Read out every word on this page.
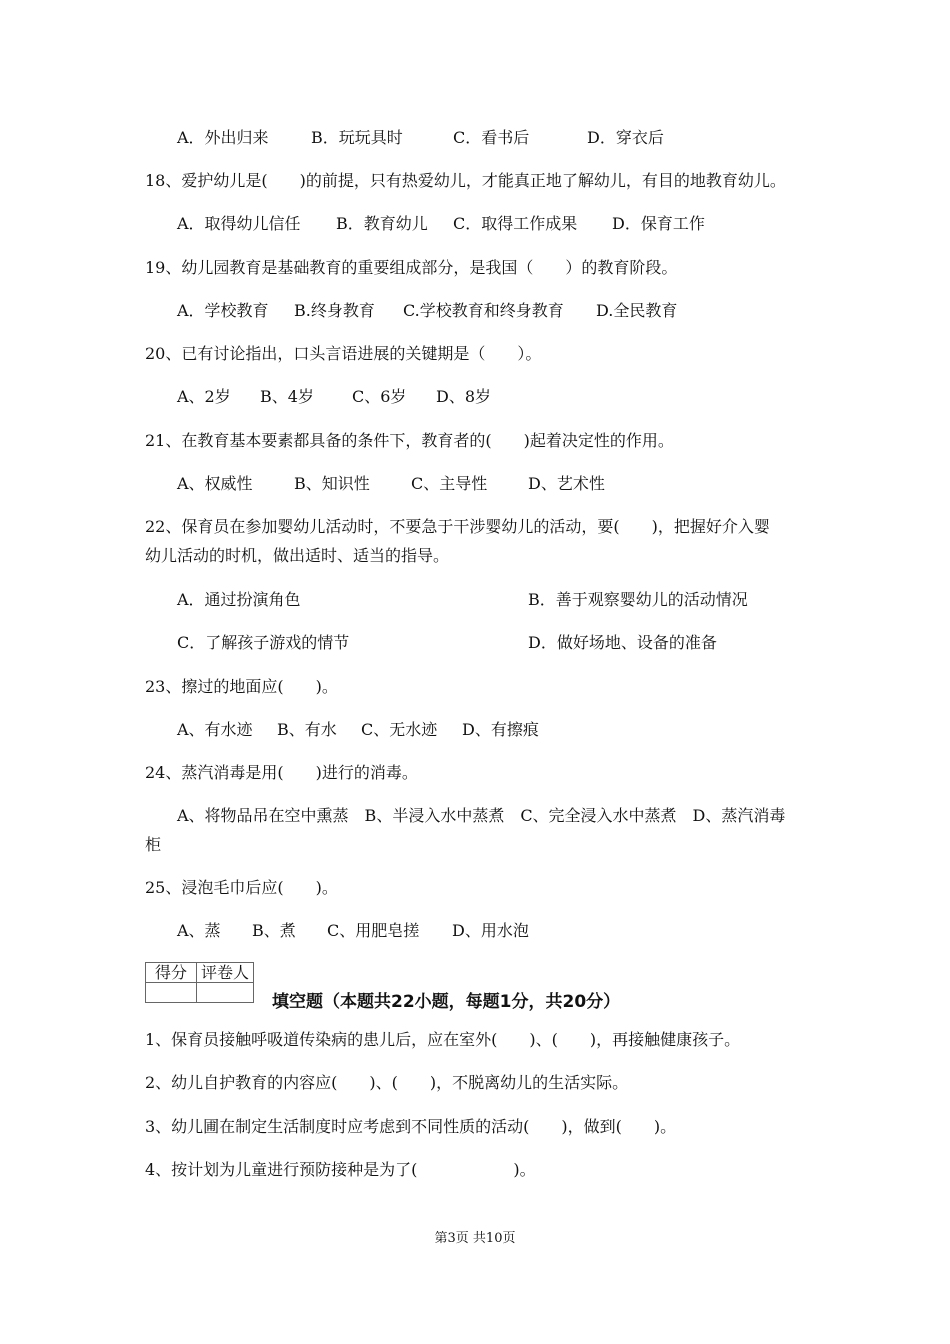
A．外出归来	B．玩玩具时	C．看书后	D．穿衣后
18、爱护幼儿是(　　)的前提，只有热爱幼儿，才能真正地了解幼儿，有目的地教育幼儿。
A．取得幼儿信任	B．教育幼儿	C．取得工作成果	D．保育工作
19、幼儿园教育是基础教育的重要组成部分，是我国（　　）的教育阶段。
A．学校教育	B.终身教育	C.学校教育和终身教育	D.全民教育
20、已有讨论指出，口头言语进展的关键期是（　　）。
A、2岁	B、4岁	C、6岁	D、8岁
21、在教育基本要素都具备的条件下，教育者的(　　)起着决定性的作用。
A、权威性	B、知识性	C、主导性	D、艺术性
22、保育员在参加婴幼儿活动时，不要急于干涉婴幼儿的活动，要(　　)，把握好介入婴
幼儿活动的时机，做出适时、适当的指导。
A．通过扮演角色	B．善于观察婴幼儿的活动情况
C．了解孩子游戏的情节	D．做好场地、设备的准备
23、擦过的地面应(　　)。
A、有水迹	B、有水	C、无水迹	D、有擦痕
24、蒸汽消毒是用(　　)进行的消毒。
A、将物品吊在空中熏蒸　B、半浸入水中蒸煮　C、完全浸入水中蒸煮　D、蒸汽消毒
柜
25、浸泡毛巾后应(　　)。
A、蒸	B、煮	C、用肥皂搓	D、用水泡
得分	评卷人

填空题（本题共22小题，每题1分，共20分）
1、保育员接触呼吸道传染病的患儿后，应在室外(　　)、(　　)，再接触健康孩子。
2、幼儿自护教育的内容应(　　)、(　　)，不脱离幼儿的生活实际。
3、幼儿圃在制定生活制度时应考虑到不同性质的活动(　　)，做到(　　)。
4、按计划为儿童进行预防接种是为了(　　　　　　)。
第3页 共10页
